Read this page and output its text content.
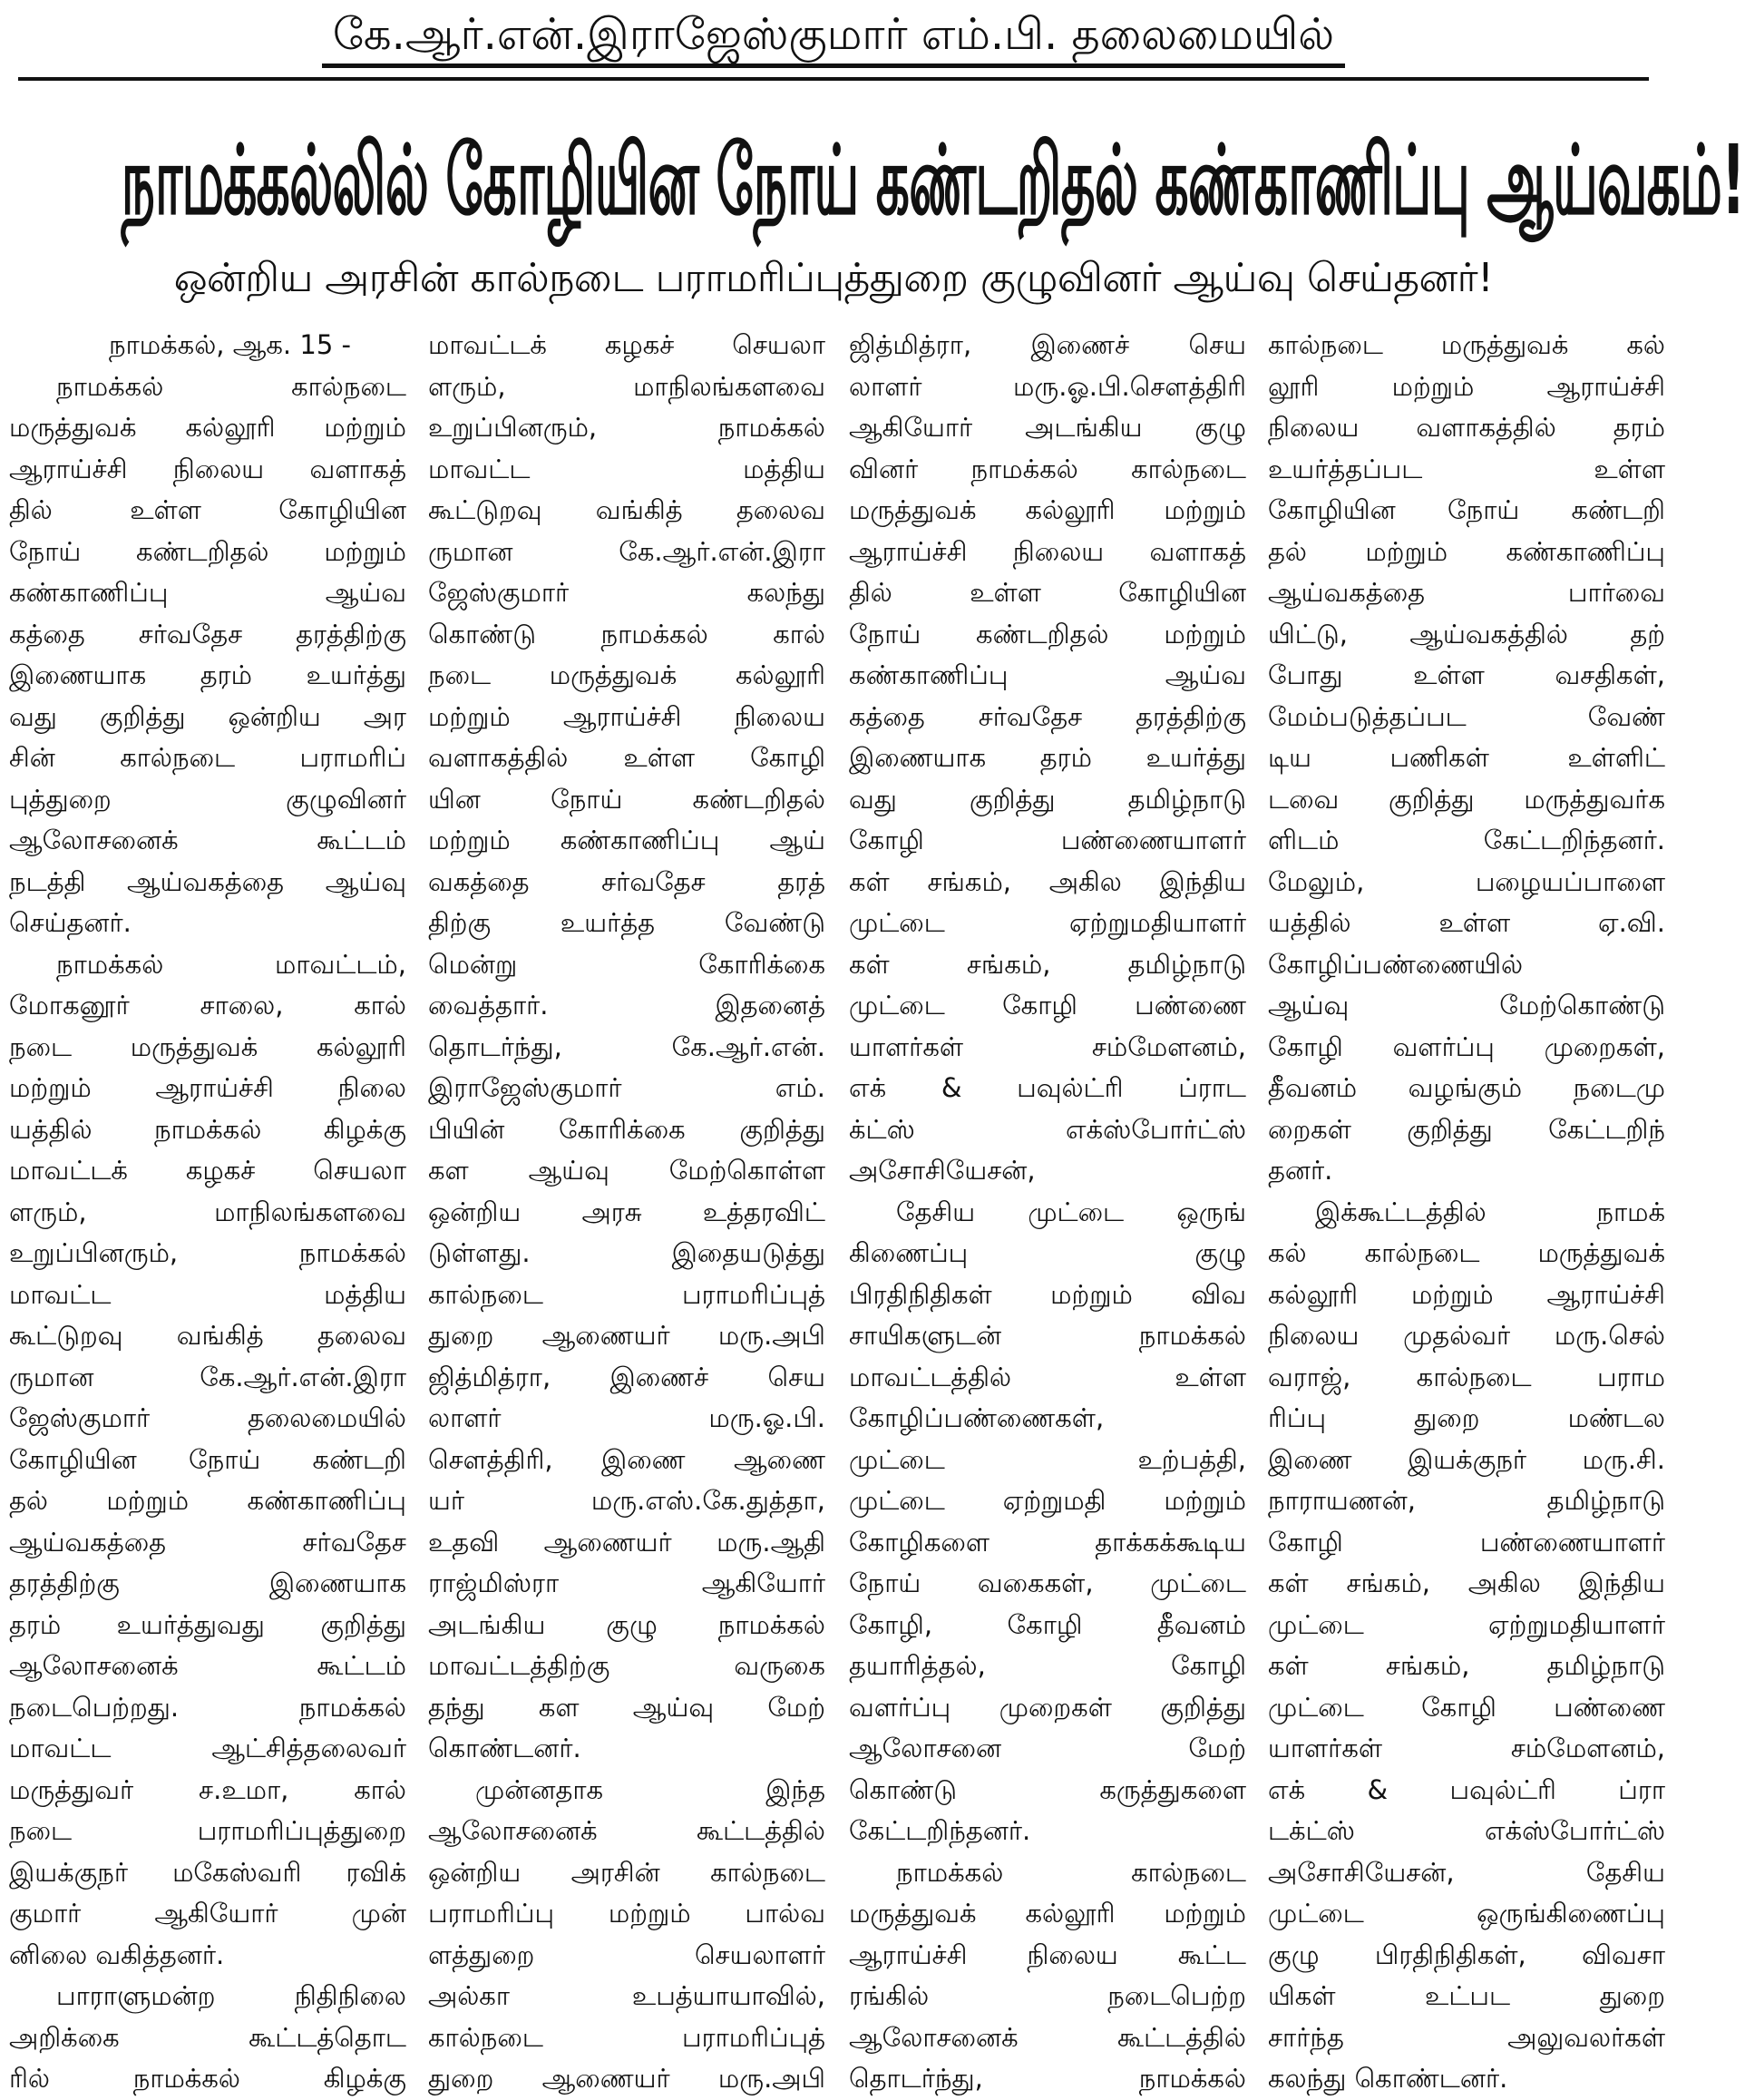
கே.ஆர்.என்.இராஜேஸ்குமார் எம்.பி. தலைமையில்
நாமக்கல்லில் கோழியின நோய் கண்டறிதல் கண்காணிப்பு ஆய்வகம்!
ஒன்றிய அரசின் கால்நடை பராமரிப்புத்துறை குழுவினர் ஆய்வு செய்தனர்!
நாமக்கல், ஆக. 15 -
நாமக்கல் கால்நடை
மருத்துவக் கல்லூரி மற்றும்
ஆராய்ச்சி நிலைய வளாகத்
தில் உள்ள கோழியின
நோய் கண்டறிதல் மற்றும்
கண்காணிப்பு ஆய்வ
கத்தை சர்வதேச தரத்திற்கு
இணையாக தரம் உயர்த்து
வது குறித்து ஒன்றிய அர
சின் கால்நடை பராமரிப்
புத்துறை குழுவினர்
ஆலோசனைக் கூட்டம்
நடத்தி ஆய்வகத்தை ஆய்வு
செய்தனர்.
நாமக்கல் மாவட்டம்,
மோகனூர் சாலை, கால்
நடை மருத்துவக் கல்லூரி
மற்றும் ஆராய்ச்சி நிலை
யத்தில் நாமக்கல் கிழக்கு
மாவட்டக் கழகச் செயலா
ளரும், மாநிலங்களவை
உறுப்பினரும், நாமக்கல்
மாவட்ட மத்திய
கூட்டுறவு வங்கித் தலைவ
ருமான கே.ஆர்.என்.இரா
ஜேஸ்குமார் தலைமையில்
கோழியின நோய் கண்டறி
தல் மற்றும் கண்காணிப்பு
ஆய்வகத்தை சர்வதேச
தரத்திற்கு இணையாக
தரம் உயர்த்துவது குறித்து
ஆலோசனைக் கூட்டம்
நடைபெற்றது. நாமக்கல்
மாவட்ட ஆட்சித்தலைவர்
மருத்துவர் ச.உமா, கால்
நடை பராமரிப்புத்துறை
இயக்குநர் மகேஸ்வரி ரவிக்
குமார் ஆகியோர் முன்
னிலை வகித்தனர்.
பாராளுமன்ற நிதிநிலை
அறிக்கை கூட்டத்தொட
ரில் நாமக்கல் கிழக்கு
மாவட்டக் கழகச் செயலா
ளரும், மாநிலங்களவை
உறுப்பினரும், நாமக்கல்
மாவட்ட மத்திய
கூட்டுறவு வங்கித் தலைவ
ருமான கே.ஆர்.என்.இரா
ஜேஸ்குமார் கலந்து
கொண்டு நாமக்கல் கால்
நடை மருத்துவக் கல்லூரி
மற்றும் ஆராய்ச்சி நிலைய
வளாகத்தில் உள்ள கோழி
யின நோய் கண்டறிதல்
மற்றும் கண்காணிப்பு ஆய்
வகத்தை சர்வதேச தரத்
திற்கு உயர்த்த வேண்டு
மென்று கோரிக்கை
வைத்தார். இதனைத்
தொடர்ந்து, கே.ஆர்.என்.
இராஜேஸ்குமார் எம்.
பியின் கோரிக்கை குறித்து
கள ஆய்வு மேற்கொள்ள
ஒன்றிய அரசு உத்தரவிட்
டுள்ளது. இதையடுத்து
கால்நடை பராமரிப்புத்
துறை ஆணையர் மரு.அபி
ஜித்மித்ரா, இணைச் செய
லாளர் மரு.ஓ.பி.
சௌத்திரி, இணை ஆணை
யர் மரு.எஸ்.கே.துத்தா,
உதவி ஆணையர் மரு.ஆதி
ராஜ்மிஸ்ரா ஆகியோர்
அடங்கிய குழு நாமக்கல்
மாவட்டத்திற்கு வருகை
தந்து கள ஆய்வு மேற்
கொண்டனர்.
முன்னதாக இந்த
ஆலோசனைக் கூட்டத்தில்
ஒன்றிய அரசின் கால்நடை
பராமரிப்பு மற்றும் பால்வ
ளத்துறை செயலாளர்
அல்கா உபத்யாயாவில்,
கால்நடை பராமரிப்புத்
துறை ஆணையர் மரு.அபி
ஜித்மித்ரா, இணைச் செய
லாளர் மரு.ஓ.பி.சௌத்திரி
ஆகியோர் அடங்கிய குழு
வினர் நாமக்கல் கால்நடை
மருத்துவக் கல்லூரி மற்றும்
ஆராய்ச்சி நிலைய வளாகத்
தில் உள்ள கோழியின
நோய் கண்டறிதல் மற்றும்
கண்காணிப்பு ஆய்வ
கத்தை சர்வதேச தரத்திற்கு
இணையாக தரம் உயர்த்து
வது குறித்து தமிழ்நாடு
கோழி பண்ணையாளர்
கள் சங்கம், அகில இந்திய
முட்டை ஏற்றுமதியாளர்
கள் சங்கம், தமிழ்நாடு
முட்டை கோழி பண்ணை
யாளர்கள் சம்மேளனம்,
எக் & பவுல்ட்ரி ப்ராட
க்ட்ஸ் எக்ஸ்போர்ட்ஸ்
அசோசியேசன்,
தேசிய முட்டை ஒருங்
கிணைப்பு குழு
பிரதிநிதிகள் மற்றும் விவ
சாயிகளுடன் நாமக்கல்
மாவட்டத்தில் உள்ள
கோழிப்பண்ணைகள்,
முட்டை உற்பத்தி,
முட்டை ஏற்றுமதி மற்றும்
கோழிகளை தாக்கக்கூடிய
நோய் வகைகள், முட்டை
கோழி, கோழி தீவனம்
தயாரித்தல், கோழி
வளர்ப்பு முறைகள் குறித்து
ஆலோசனை மேற்
கொண்டு கருத்துகளை
கேட்டறிந்தனர்.
நாமக்கல் கால்நடை
மருத்துவக் கல்லூரி மற்றும்
ஆராய்ச்சி நிலைய கூட்ட
ரங்கில் நடைபெற்ற
ஆலோசனைக் கூட்டத்தில்
தொடர்ந்து, நாமக்கல்
கால்நடை மருத்துவக் கல்
லூரி மற்றும் ஆராய்ச்சி
நிலைய வளாகத்தில் தரம்
உயர்த்தப்பட உள்ள
கோழியின நோய் கண்டறி
தல் மற்றும் கண்காணிப்பு
ஆய்வகத்தை பார்வை
யிட்டு, ஆய்வகத்தில் தற்
போது உள்ள வசதிகள்,
மேம்படுத்தப்பட வேண்
டிய பணிகள் உள்ளிட்
டவை குறித்து மருத்துவர்க
ளிடம் கேட்டறிந்தனர்.
மேலும், பழையப்பாளை
யத்தில் உள்ள ஏ.வி.
கோழிப்பண்ணையில்
ஆய்வு மேற்கொண்டு
கோழி வளர்ப்பு முறைகள்,
தீவனம் வழங்கும் நடைமு
றைகள் குறித்து கேட்டறிந்
தனர்.
இக்கூட்டத்தில் நாமக்
கல் கால்நடை மருத்துவக்
கல்லூரி மற்றும் ஆராய்ச்சி
நிலைய முதல்வர் மரு.செல்
வராஜ், கால்நடை பராம
ரிப்பு துறை மண்டல
இணை இயக்குநர் மரு.சி.
நாராயணன், தமிழ்நாடு
கோழி பண்ணையாளர்
கள் சங்கம், அகில இந்திய
முட்டை ஏற்றுமதியாளர்
கள் சங்கம், தமிழ்நாடு
முட்டை கோழி பண்ணை
யாளர்கள் சம்மேளனம்,
எக் & பவுல்ட்ரி ப்ரா
டக்ட்ஸ் எக்ஸ்போர்ட்ஸ்
அசோசியேசன், தேசிய
முட்டை ஒருங்கிணைப்பு
குழு பிரதிநிதிகள், விவசா
யிகள் உட்பட துறை
சார்ந்த அலுவலர்கள்
கலந்து கொண்டனர்.
